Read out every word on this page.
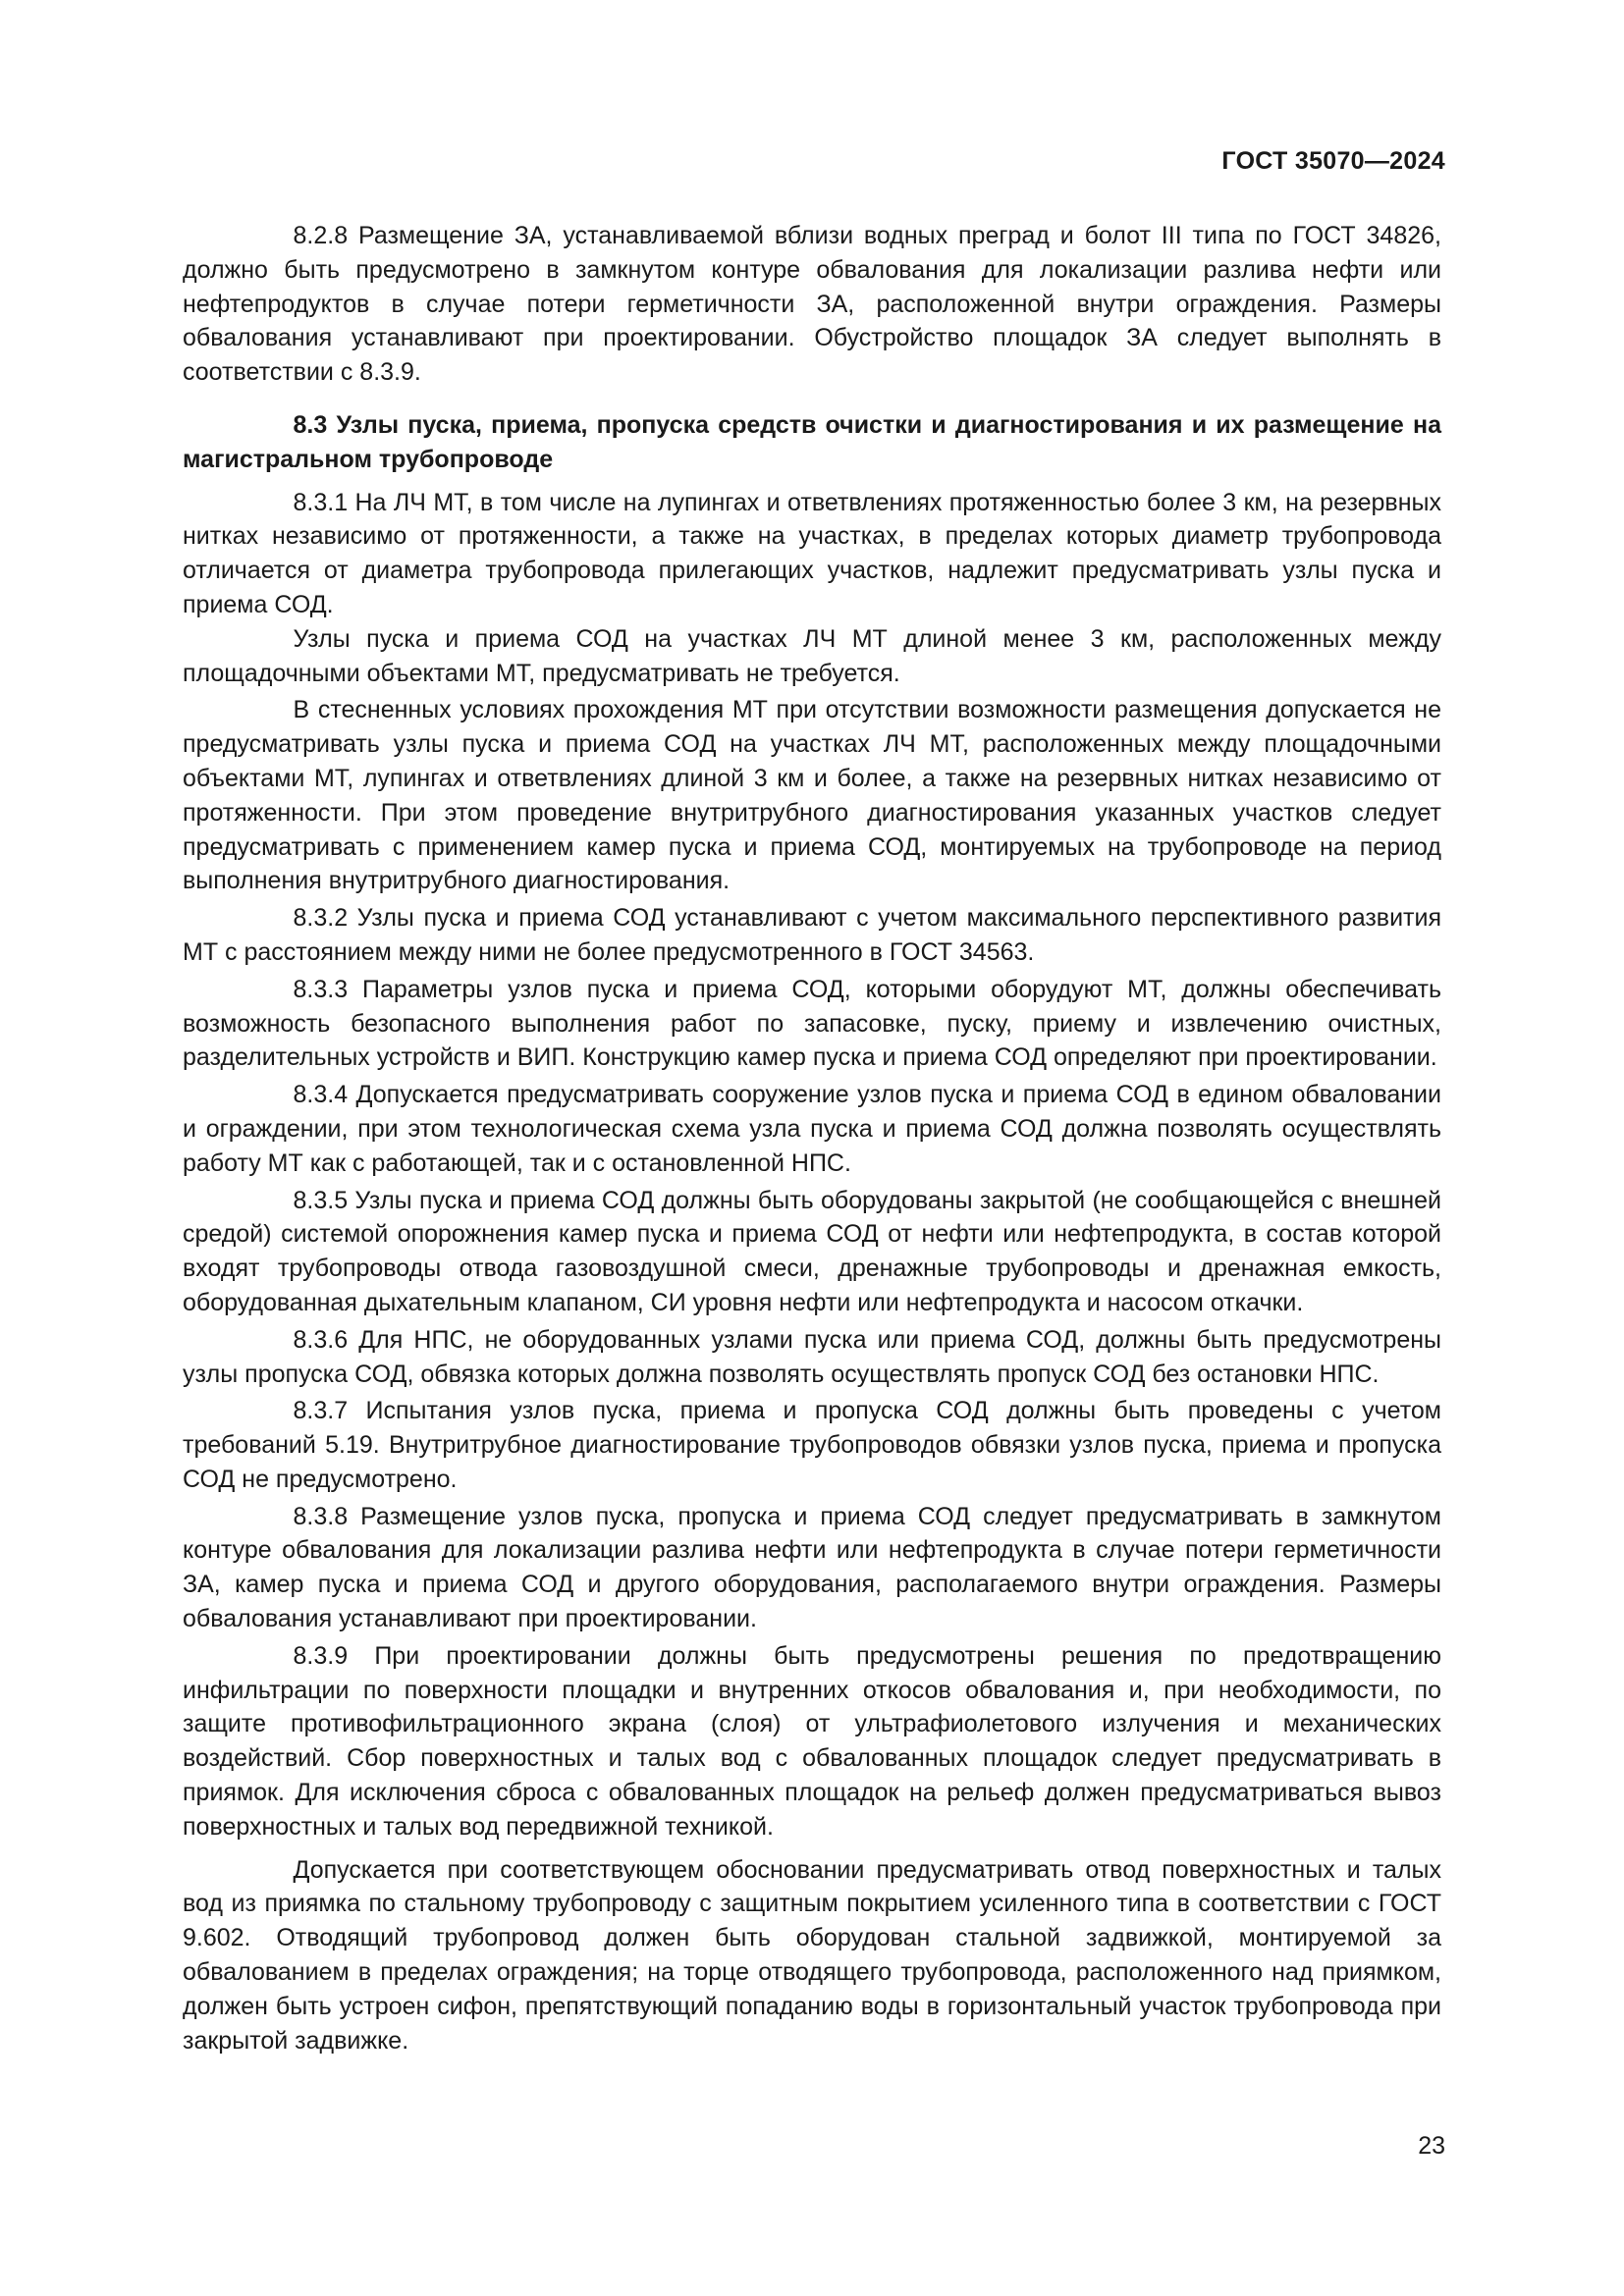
ГОСТ 35070—2024

8.2.8 Размещение ЗА, устанавливаемой вблизи водных преград и болот III типа по ГОСТ 34826, должно быть предусмотрено в замкнутом контуре обвалования для локализации разлива нефти или нефтепродуктов в случае потери герметичности ЗА, расположенной внутри ограждения. Размеры обвалования устанавливают при проектировании. Обустройство площадок ЗА следует выполнять в соответствии с 8.3.9.

8.3 Узлы пуска, приема, пропуска средств очистки и диагностирования и их размещение на магистральном трубопроводе

8.3.1 На ЛЧ МТ, в том числе на лупингах и ответвлениях протяженностью более 3 км, на резервных нитках независимо от протяженности, а также на участках, в пределах которых диаметр трубопровода отличается от диаметра трубопровода прилегающих участков, надлежит предусматривать узлы пуска и приема СОД.

Узлы пуска и приема СОД на участках ЛЧ МТ длиной менее 3 км, расположенных между площадочными объектами МТ, предусматривать не требуется.

В стесненных условиях прохождения МТ при отсутствии возможности размещения допускается не предусматривать узлы пуска и приема СОД на участках ЛЧ МТ, расположенных между площадочными объектами МТ, лупингах и ответвлениях длиной 3 км и более, а также на резервных нитках независимо от протяженности. При этом проведение внутритрубного диагностирования указанных участков следует предусматривать с применением камер пуска и приема СОД, монтируемых на трубопроводе на период выполнения внутритрубного диагностирования.

8.3.2 Узлы пуска и приема СОД устанавливают с учетом максимального перспективного развития МТ с расстоянием между ними не более предусмотренного в ГОСТ 34563.

8.3.3 Параметры узлов пуска и приема СОД, которыми оборудуют МТ, должны обеспечивать возможность безопасного выполнения работ по запасовке, пуску, приему и извлечению очистных, разделительных устройств и ВИП. Конструкцию камер пуска и приема СОД определяют при проектировании.

8.3.4 Допускается предусматривать сооружение узлов пуска и приема СОД в едином обваловании и ограждении, при этом технологическая схема узла пуска и приема СОД должна позволять осуществлять работу МТ как с работающей, так и с остановленной НПС.

8.3.5 Узлы пуска и приема СОД должны быть оборудованы закрытой (не сообщающейся с внешней средой) системой опорожнения камер пуска и приема СОД от нефти или нефтепродукта, в состав которой входят трубопроводы отвода газовоздушной смеси, дренажные трубопроводы и дренажная емкость, оборудованная дыхательным клапаном, СИ уровня нефти или нефтепродукта и насосом откачки.

8.3.6 Для НПС, не оборудованных узлами пуска или приема СОД, должны быть предусмотрены узлы пропуска СОД, обвязка которых должна позволять осуществлять пропуск СОД без остановки НПС.

8.3.7 Испытания узлов пуска, приема и пропуска СОД должны быть проведены с учетом требований 5.19. Внутритрубное диагностирование трубопроводов обвязки узлов пуска, приема и пропуска СОД не предусмотрено.

8.3.8 Размещение узлов пуска, пропуска и приема СОД следует предусматривать в замкнутом контуре обвалования для локализации разлива нефти или нефтепродукта в случае потери герметичности ЗА, камер пуска и приема СОД и другого оборудования, располагаемого внутри ограждения. Размеры обвалования устанавливают при проектировании.

8.3.9 При проектировании должны быть предусмотрены решения по предотвращению инфильтрации по поверхности площадки и внутренних откосов обвалования и, при необходимости, по защите противофильтрационного экрана (слоя) от ультрафиолетового излучения и механических воздействий. Сбор поверхностных и талых вод с обвалованных площадок следует предусматривать в приямок. Для исключения сброса с обвалованных площадок на рельеф должен предусматриваться вывоз поверхностных и талых вод передвижной техникой.

Допускается при соответствующем обосновании предусматривать отвод поверхностных и талых вод из приямка по стальному трубопроводу с защитным покрытием усиленного типа в соответствии с ГОСТ 9.602. Отводящий трубопровод должен быть оборудован стальной задвижкой, монтируемой за обвалованием в пределах ограждения; на торце отводящего трубопровода, расположенного над приямком, должен быть устроен сифон, препятствующий попаданию воды в горизонтальный участок трубопровода при закрытой задвижке.

23
